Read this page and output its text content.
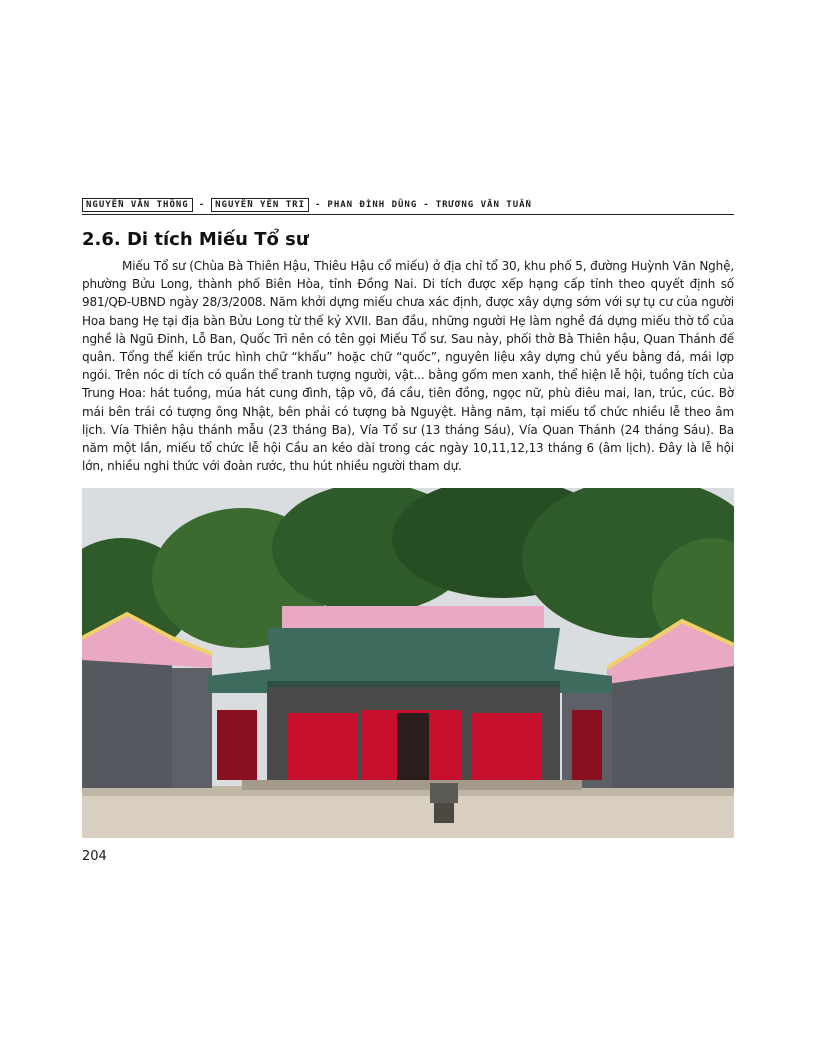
NGUYỄN VĂN THÔNG	-	NGUYỄN YÊN TRI	- PHAN ĐÌNH DŨNG - TRƯƠNG VĂN TUẤN
2.6. Di tích Miếu Tổ sư

Miếu Tổ sư (Chùa Bà Thiên Hậu, Thiêu Hậu cổ miếu) ở địa chỉ tổ 30, khu phố 5, đường Huỳnh Văn Nghệ, phường Bửu Long, thành phố Biên Hòa, tỉnh Đồng Nai. Di tích được xếp hạng cấp tỉnh theo quyết định số 981/QĐ-UBND ngày 28/3/2008. Năm khởi dựng miếu chưa xác định, được xây dựng sớm với sự tụ cư của người Hoa bang Hẹ tại địa bàn Bửu Long từ thế kỷ XVII. Ban đầu, những người Hẹ làm nghề đá dựng miếu thờ tổ của nghề là Ngũ Đinh, Lỗ Ban, Quốc Trì nên có tên gọi Miếu Tổ sư. Sau này, phối thờ Bà Thiên hậu, Quan Thánh đế quân. Tổng thể kiến trúc hình chữ “khẩu” hoặc chữ “quốc”, nguyên liệu xây dựng chủ yếu bằng đá, mái lợp ngói. Trên nóc di tích có quần thể tranh tượng người, vật... bằng gốm men xanh, thể hiện lễ hội, tuồng tích của Trung Hoa: hát tuồng, múa hát cung đình, tập võ, đá cầu, tiên đồng, ngọc nữ, phù điêu mai, lan, trúc, cúc. Bờ mái bên trái có tượng ông Nhật, bên phải có tượng bà Nguyệt. Hằng năm, tại miếu tổ chức nhiều lễ theo âm lịch. Vía Thiên hậu thánh mẫu (23 tháng Ba), Vía Tổ sư (13 tháng Sáu), Vía Quan Thánh (24 tháng Sáu). Ba năm một lần, miếu tổ chức lễ hội Cầu an kéo dài trong các ngày 10,11,12,13 tháng 6 (âm lịch). Đây là lễ hội lớn, nhiều nghi thức với đoàn rước, thu hút nhiều người tham dự.

204
